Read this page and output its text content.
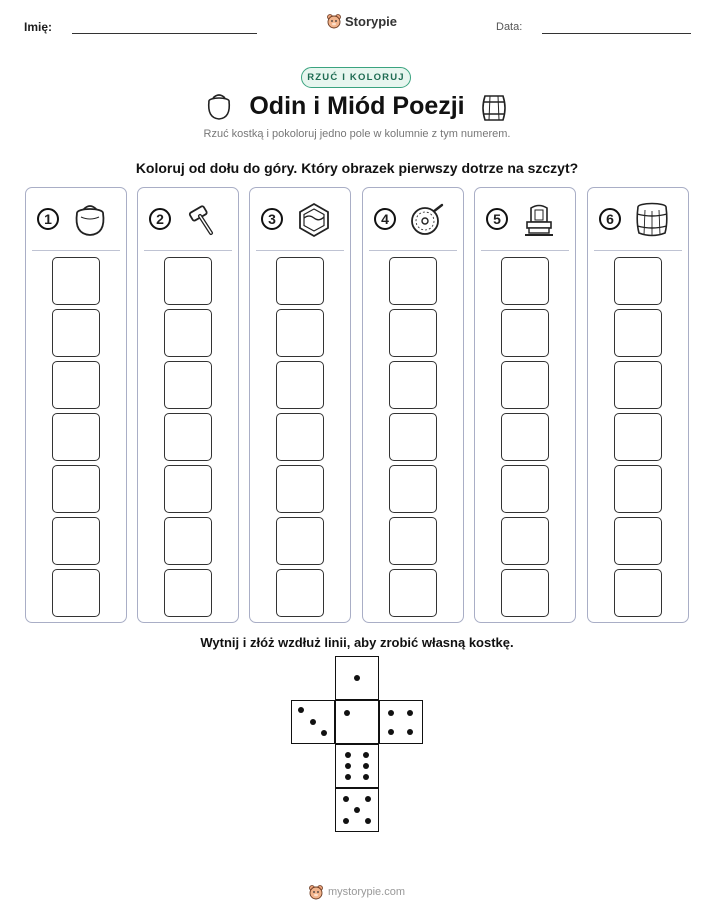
Imię:	Storypie	Data:
RZUĆ I KOLORUJ
Odin i Miód Poezji
Rzuć kostką i pokoloruj jedno pole w kolumnie z tym numerem.
Koloruj od dołu do góry. Który obrazek pierwszy dotrze na szczyt?
1	2	3	4	5	6
Wytnij i złóż wzdłuż linii, aby zrobić własną kostkę.
mystorypie.com
